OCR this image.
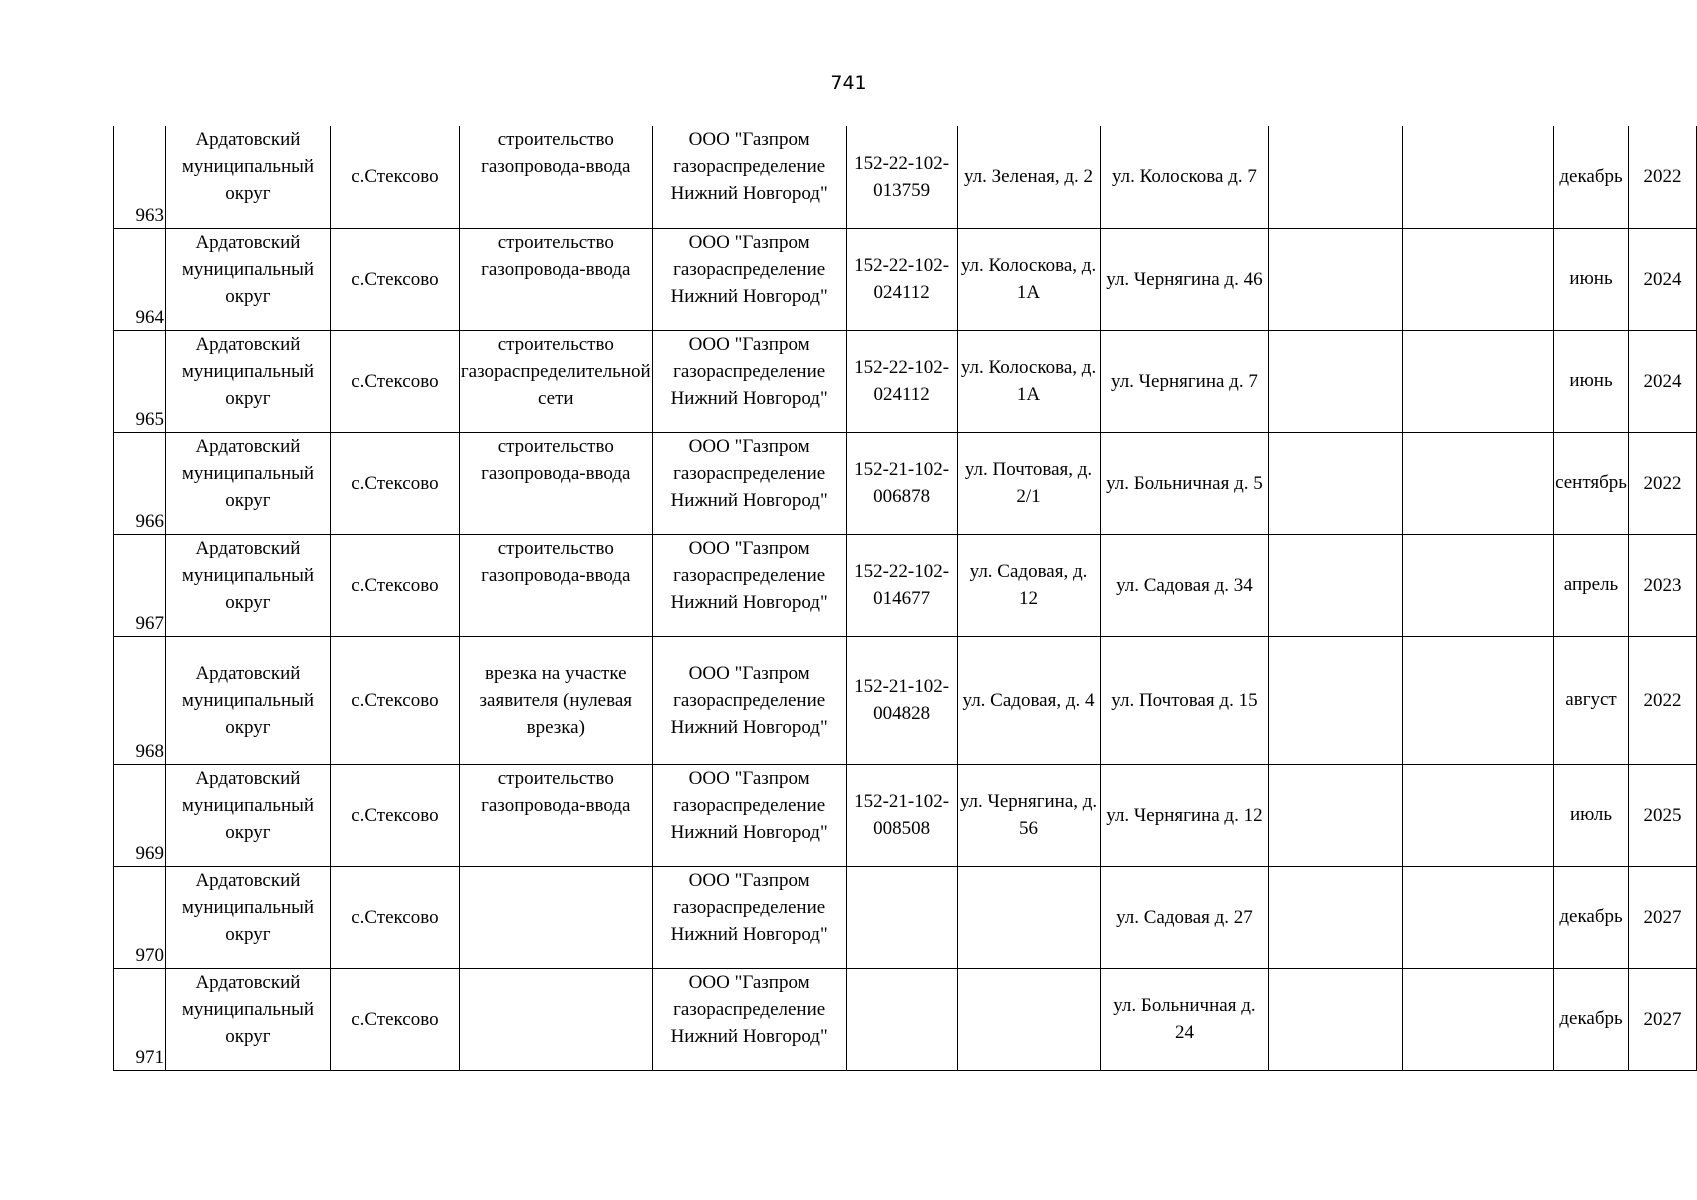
741
963	Ардатовский муниципальный округ	с.Стексово	строительство газопровода-ввода	ООО "Газпром газораспределение Нижний Новгород"	152-22-102-013759	ул. Зеленая, д. 2	ул. Колоскова д. 7			декабрь	2022
964	Ардатовский муниципальный округ	с.Стексово	строительство газопровода-ввода	ООО "Газпром газораспределение Нижний Новгород"	152-22-102-024112	ул. Колоскова, д. 1А	ул. Чернягина д. 46			июнь	2024
965	Ардатовский муниципальный округ	с.Стексово	строительство газораспределительной сети	ООО "Газпром газораспределение Нижний Новгород"	152-22-102-024112	ул. Колоскова, д. 1А	ул. Чернягина д. 7			июнь	2024
966	Ардатовский муниципальный округ	с.Стексово	строительство газопровода-ввода	ООО "Газпром газораспределение Нижний Новгород"	152-21-102-006878	ул. Почтовая, д. 2/1	ул. Больничная д. 5			сентябрь	2022
967	Ардатовский муниципальный округ	с.Стексово	строительство газопровода-ввода	ООО "Газпром газораспределение Нижний Новгород"	152-22-102-014677	ул. Садовая, д. 12	ул. Садовая д. 34			апрель	2023
968	Ардатовский муниципальный округ	с.Стексово	врезка на участке заявителя (нулевая врезка)	ООО "Газпром газораспределение Нижний Новгород"	152-21-102-004828	ул. Садовая, д. 4	ул. Почтовая д. 15			август	2022
969	Ардатовский муниципальный округ	с.Стексово	строительство газопровода-ввода	ООО "Газпром газораспределение Нижний Новгород"	152-21-102-008508	ул. Чернягина, д. 56	ул. Чернягина д. 12			июль	2025
970	Ардатовский муниципальный округ	с.Стексово		ООО "Газпром газораспределение Нижний Новгород"			ул. Садовая д. 27			декабрь	2027
971	Ардатовский муниципальный округ	с.Стексово		ООО "Газпром газораспределение Нижний Новгород"			ул. Больничная д. 24			декабрь	2027
